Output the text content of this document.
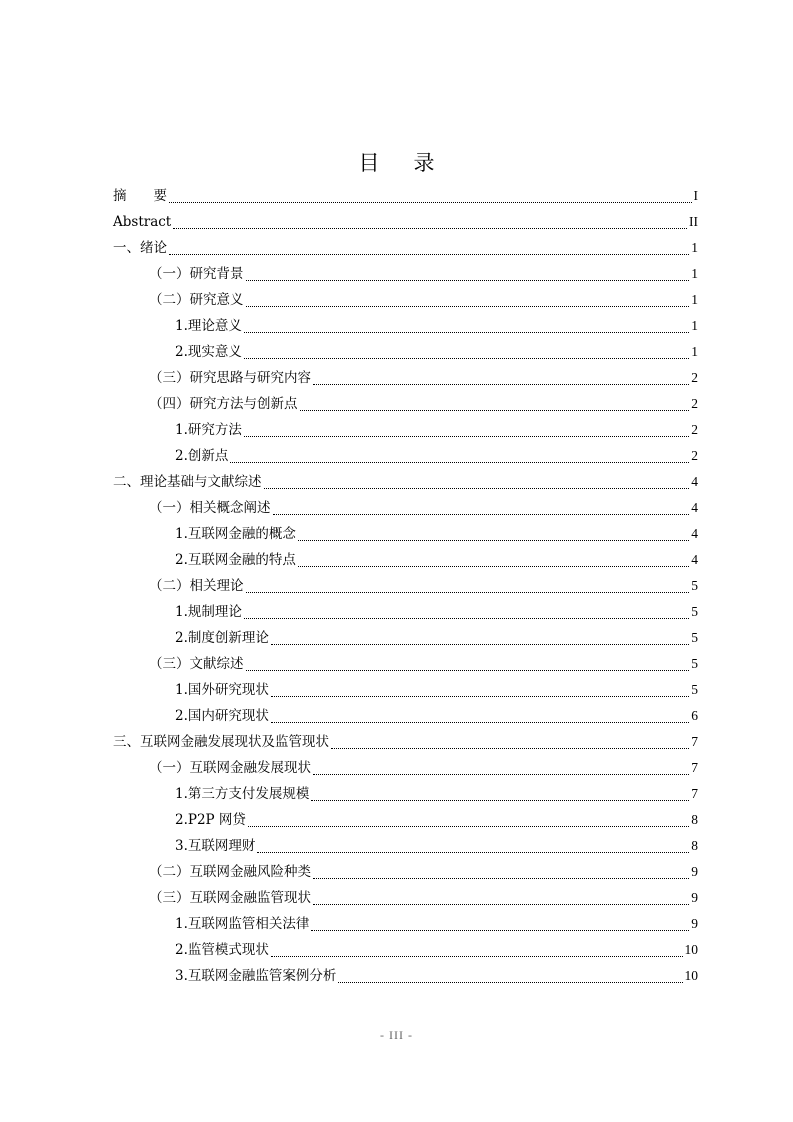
目 录
摘　　要	I
Abstract	II
一、绪论	1
（一）研究背景	1
（二）研究意义	1
1.理论意义	1
2.现实意义	1
（三）研究思路与研究内容	2
（四）研究方法与创新点	2
1.研究方法	2
2.创新点	2
二、理论基础与文献综述	4
（一）相关概念阐述	4
1.互联网金融的概念	4
2.互联网金融的特点	4
（二）相关理论	5
1.规制理论	5
2.制度创新理论	5
（三）文献综述	5
1.国外研究现状	5
2.国内研究现状	6
三、互联网金融发展现状及监管现状	7
（一）互联网金融发展现状	7
1.第三方支付发展规模	7
2.P2P 网贷	8
3.互联网理财	8
（二）互联网金融风险种类	9
（三）互联网金融监管现状	9
1.互联网监管相关法律	9
2.监管模式现状	10
3.互联网金融监管案例分析	10
- III -
